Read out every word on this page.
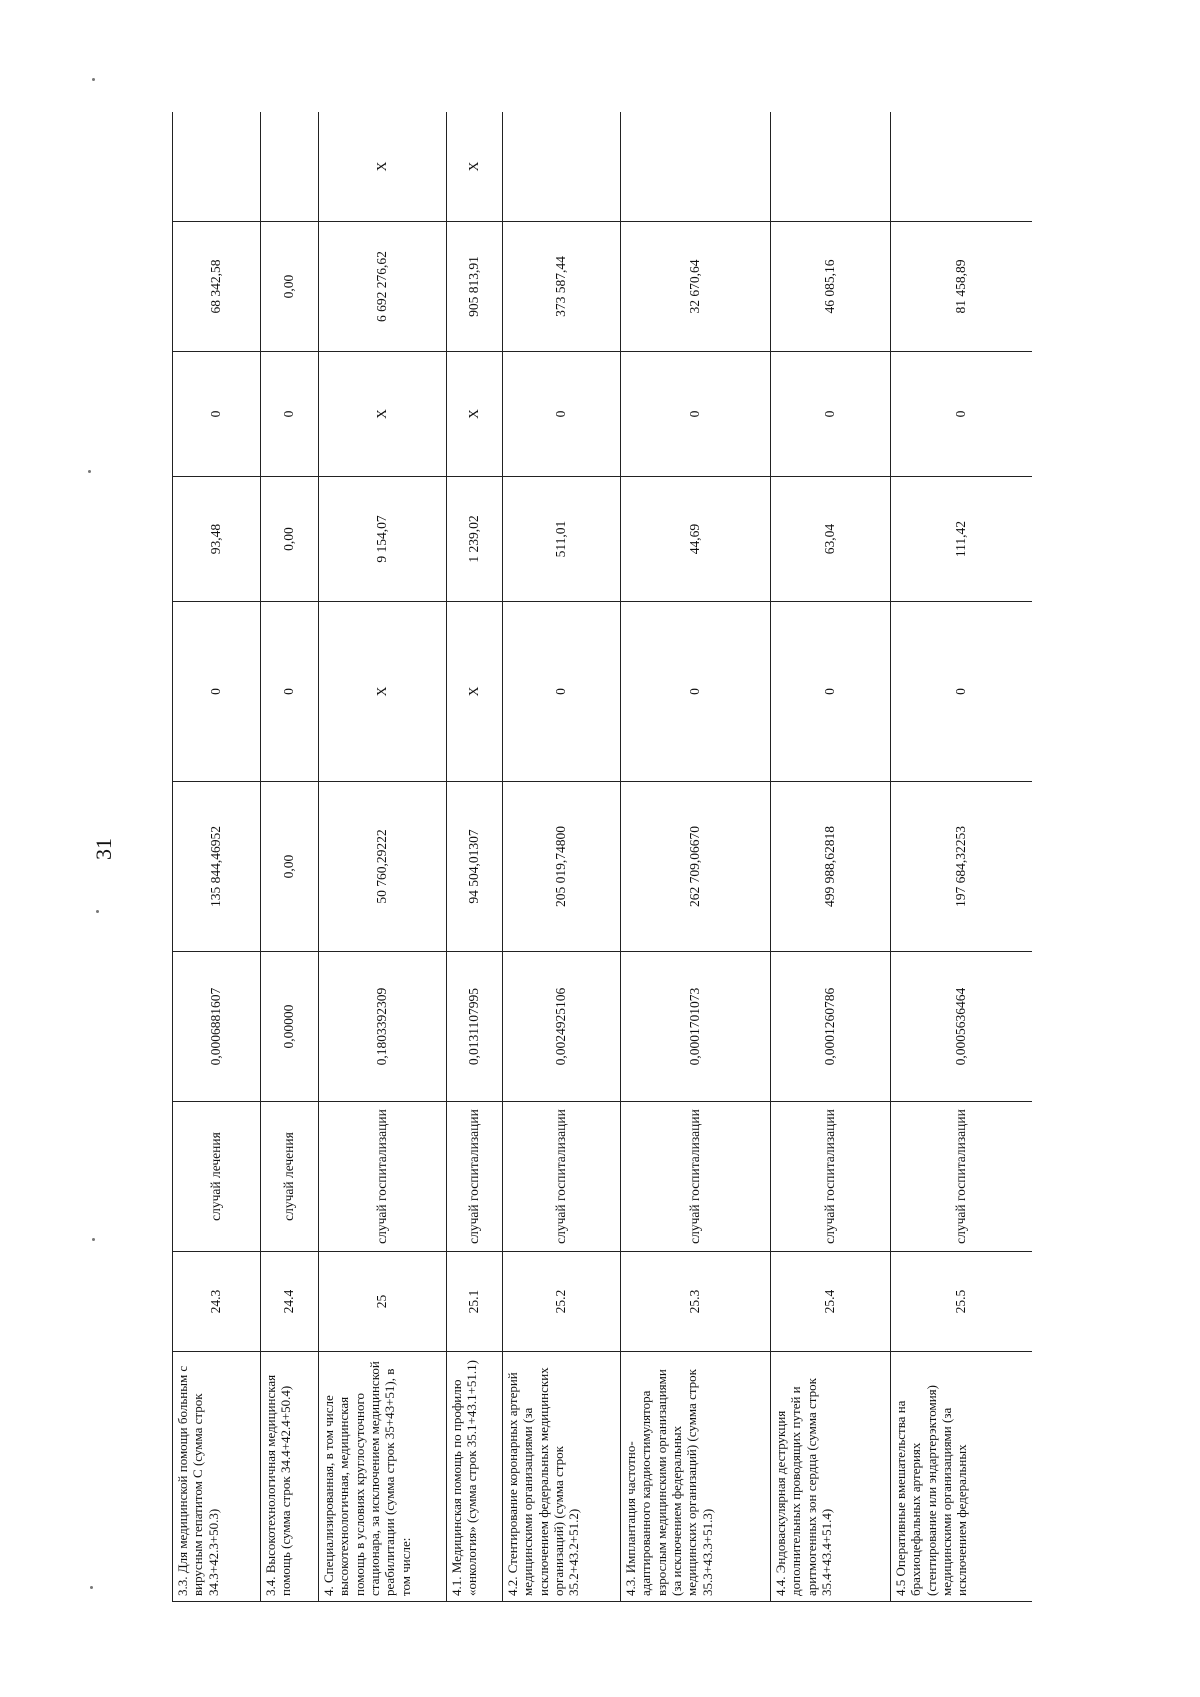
31
3.3. Для медицинской помощи больным с вирусным гепатитом С (сумма строк 34.3+42.3+50.3)	24.3	случай лечения	0,0006881607	135 844,46952	0	93,48	0	68 342,58	
3.4. Высокотехнологичная медицинская помощь (сумма строк 34.4+42.4+50.4)	24.4	случай лечения	0,00000	0,00	0	0,00	0	0,00	
4. Специализированная, в том числе высокотехнологичная, медицинская помощь в условиях круглосуточного стационара, за исключением медицинской реабилитации (сумма строк 35+43+51), в том числе:	25	случай госпитализации	0,1803392309	50 760,29222	X	9 154,07	X	6 692 276,62	X
4.1. Медицинская помощь по профилю «онкология» (сумма строк 35.1+43.1+51.1)	25.1	случай госпитализации	0,0131107995	94 504,01307	X	1 239,02	X	905 813,91	X
4.2. Стентирование коронарных артерий медицинскими организациями (за исключением федеральных медицинских организаций) (сумма строк 35.2+43.2+51.2)	25.2	случай госпитализации	0,0024925106	205 019,74800	0	511,01	0	373 587,44	
4.3. Имплантация частотно-адаптированного кардиостимулятора взрослым медицинскими организациями (за исключением федеральных медицинских организаций) (сумма строк 35.3+43.3+51.3)	25.3	случай госпитализации	0,0001701073	262 709,06670	0	44,69	0	32 670,64	
4.4. Эндоваскулярная деструкция дополнительных проводящих путей и аритмогенных зон сердца (сумма строк 35.4+43.4+51.4)	25.4	случай госпитализации	0,0001260786	499 988,62818	0	63,04	0	46 085,16	
4.5 Оперативные вмешательства на брахиоцефальных артериях (стентирование или эндартерэктомия) медицинскими организациями (за исключением федеральных	25.5	случай госпитализации	0,0005636464	197 684,32253	0	111,42	0	81 458,89	
